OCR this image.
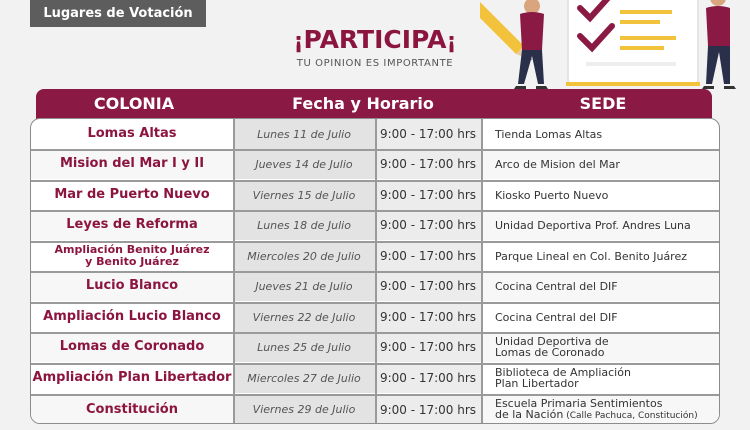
Lugares de Votación
¡PARTICIPA¡
TU OPINION ES IMPORTANTE
COLONIA	Fecha y Horario	SEDE
Lomas Altas	Lunes 11 de Julio	9:00 - 17:00 hrs	Tienda Lomas Altas
Mision del Mar I y II	Jueves 14 de Julio	9:00 - 17:00 hrs	Arco de Mision del Mar
Mar de Puerto Nuevo	Viernes 15 de Julio	9:00 - 17:00 hrs	Kiosko Puerto Nuevo
Leyes de Reforma	Lunes 18 de Julio	9:00 - 17:00 hrs	Unidad Deportiva Prof. Andres Luna
Ampliación Benito Juárez
y Benito Juárez	Miercoles 20 de Julio	9:00 - 17:00 hrs	Parque Lineal en Col. Benito Juárez
Lucio Blanco	Jueves 21 de Julio	9:00 - 17:00 hrs	Cocina Central del DIF
Ampliación Lucio Blanco	Viernes 22 de Julio	9:00 - 17:00 hrs	Cocina Central del DIF
Lomas de Coronado	Lunes 25 de Julio	9:00 - 17:00 hrs	Unidad Deportiva de
Lomas de Coronado
Ampliación Plan Libertador	Miercoles 27 de Julio	9:00 - 17:00 hrs	Biblioteca de Ampliación
Plan Libertador
Constitución	Viernes 29 de Julio	9:00 - 17:00 hrs	Escuela Primaria Sentimientos
de la Nación (Calle Pachuca, Constitución)
